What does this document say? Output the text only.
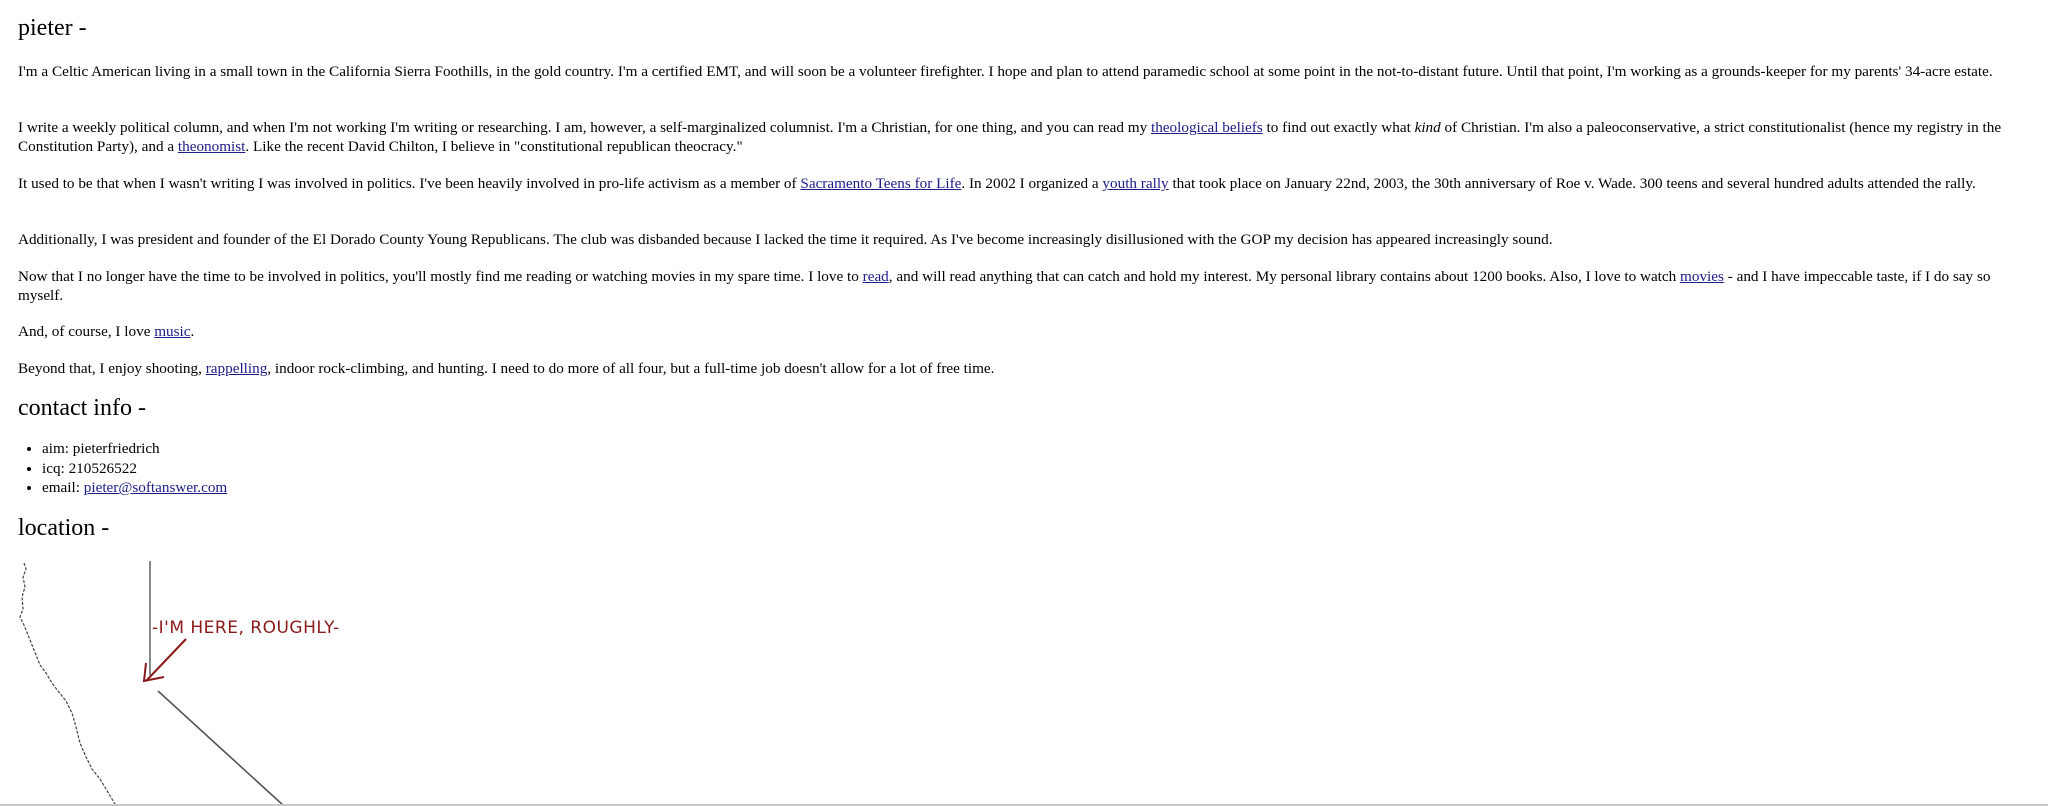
pieter -

I'm a Celtic American living in a small town in the California Sierra Foothills, in the gold country. I'm a certified EMT, and will soon be a volunteer firefighter. I hope and plan to attend paramedic school at some point in the not-to-distant future. Until that point, I'm working as a grounds-keeper for my parents' 34-acre estate.

I write a weekly political column, and when I'm not working I'm writing or researching. I am, however, a self-marginalized columnist. I'm a Christian, for one thing, and you can read my theological beliefs to find out exactly what kind of Christian. I'm also a paleoconservative, a strict constitutionalist (hence my registry in the Constitution Party), and a theonomist. Like the recent David Chilton, I believe in "constitutional republican theocracy."

It used to be that when I wasn't writing I was involved in politics. I've been heavily involved in pro-life activism as a member of Sacramento Teens for Life. In 2002 I organized a youth rally that took place on January 22nd, 2003, the 30th anniversary of Roe v. Wade. 300 teens and several hundred adults attended the rally.

Additionally, I was president and founder of the El Dorado County Young Republicans. The club was disbanded because I lacked the time it required. As I've become increasingly disillusioned with the GOP my decision has appeared increasingly sound.

Now that I no longer have the time to be involved in politics, you'll mostly find me reading or watching movies in my spare time. I love to read, and will read anything that can catch and hold my interest. My personal library contains about 1200 books. Also, I love to watch movies - and I have impeccable taste, if I do say so myself.

And, of course, I love music.

Beyond that, I enjoy shooting, rappelling, indoor rock-climbing, and hunting. I need to do more of all four, but a full-time job doesn't allow for a lot of free time.

contact info -
• aim: pieterfriedrich
• icq: 210526522
• email: pieter@softanswer.com
location -
-I'M HERE, ROUGHLY-
